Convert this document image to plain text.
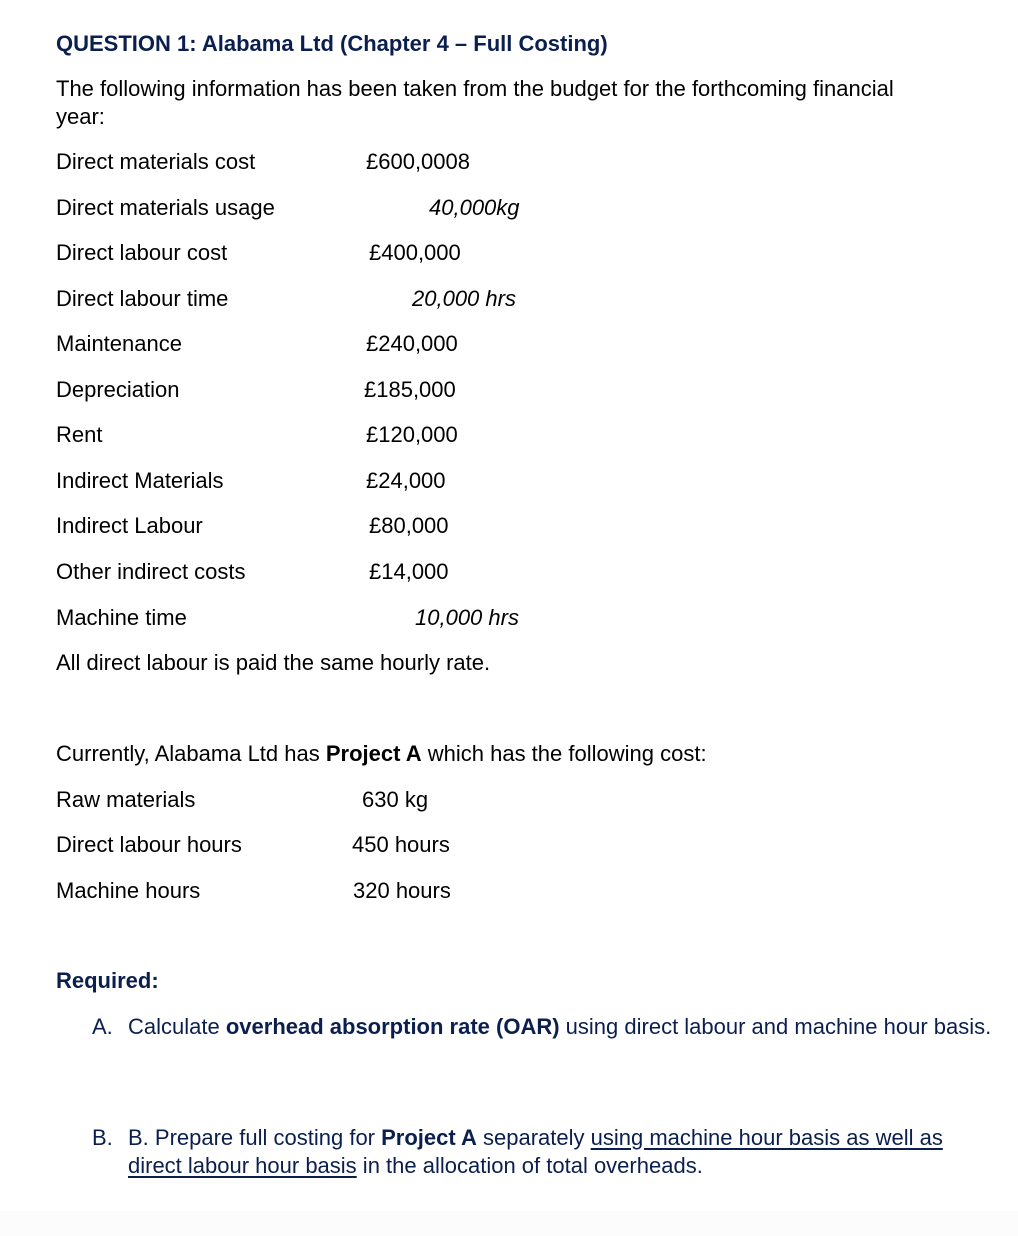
QUESTION 1: Alabama Ltd (Chapter 4 – Full Costing)
The following information has been taken from the budget for the forthcoming financial
year:
Direct materials cost	£600,0008
Direct materials usage	40,000kg
Direct labour cost	£400,000
Direct labour time	20,000 hrs
Maintenance	£240,000
Depreciation	£185,000
Rent	£120,000
Indirect Materials	£24,000
Indirect Labour	£80,000
Other indirect costs	£14,000
Machine time	10,000 hrs
All direct labour is paid the same hourly rate.
Currently, Alabama Ltd has Project A which has the following cost:
Raw materials	630 kg
Direct labour hours	450 hours
Machine hours	320 hours
Required:
A. Calculate overhead absorption rate (OAR) using direct labour and machine hour basis.
B. B. Prepare full costing for Project A separately using machine hour basis as well as direct labour hour basis in the allocation of total overheads.
